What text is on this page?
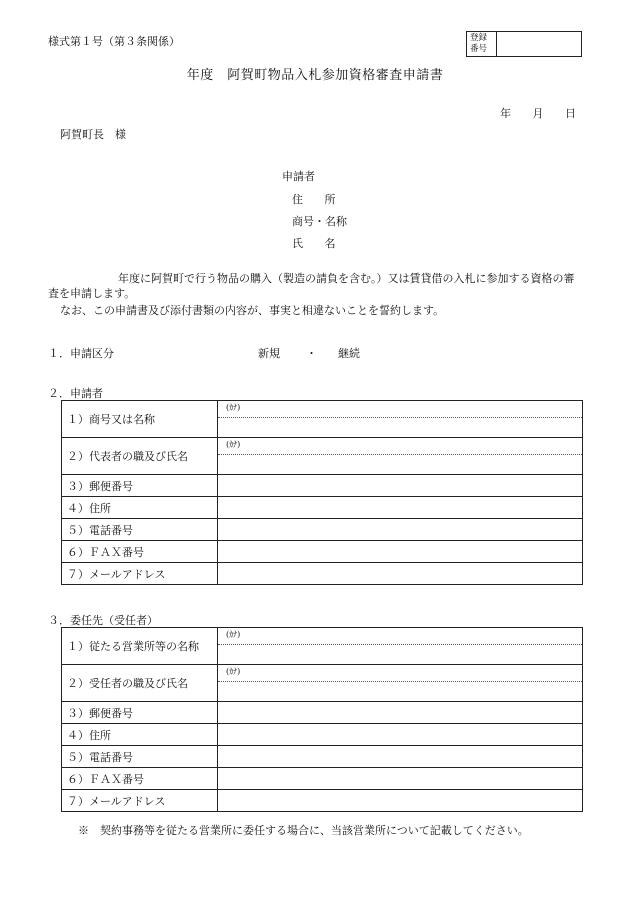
様式第１号（第３条関係）	登録 番号
年度　阿賀町物品入札参加資格審査申請書
年 月 日
阿賀町長　様
申請者
住 所
商号・名称
氏 名
年度に阿賀町で行う物品の購入（製造の請負を含む。）又は賃貸借の入札に参加する資格の審査を申請します。
なお、この申請書及び添付書類の内容が、事実と相違ないことを誓約します。
１．申請区分	新規 ・ 継続
２．申請者
１）商号又は名称	(ｶﾅ)

２）代表者の職及び氏名	(ｶﾅ)

３）郵便番号	
４）住所	
５）電話番号	
６）ＦＡＸ番号	
７）メールアドレス	
３．委任先（受任者）
１）従たる営業所等の名称	(ｶﾅ)

２）受任者の職及び氏名	(ｶﾅ)

３）郵便番号	
４）住所	
５）電話番号	
６）ＦＡＸ番号	
７）メールアドレス	
※　契約事務等を従たる営業所に委任する場合に、当該営業所について記載してください。
